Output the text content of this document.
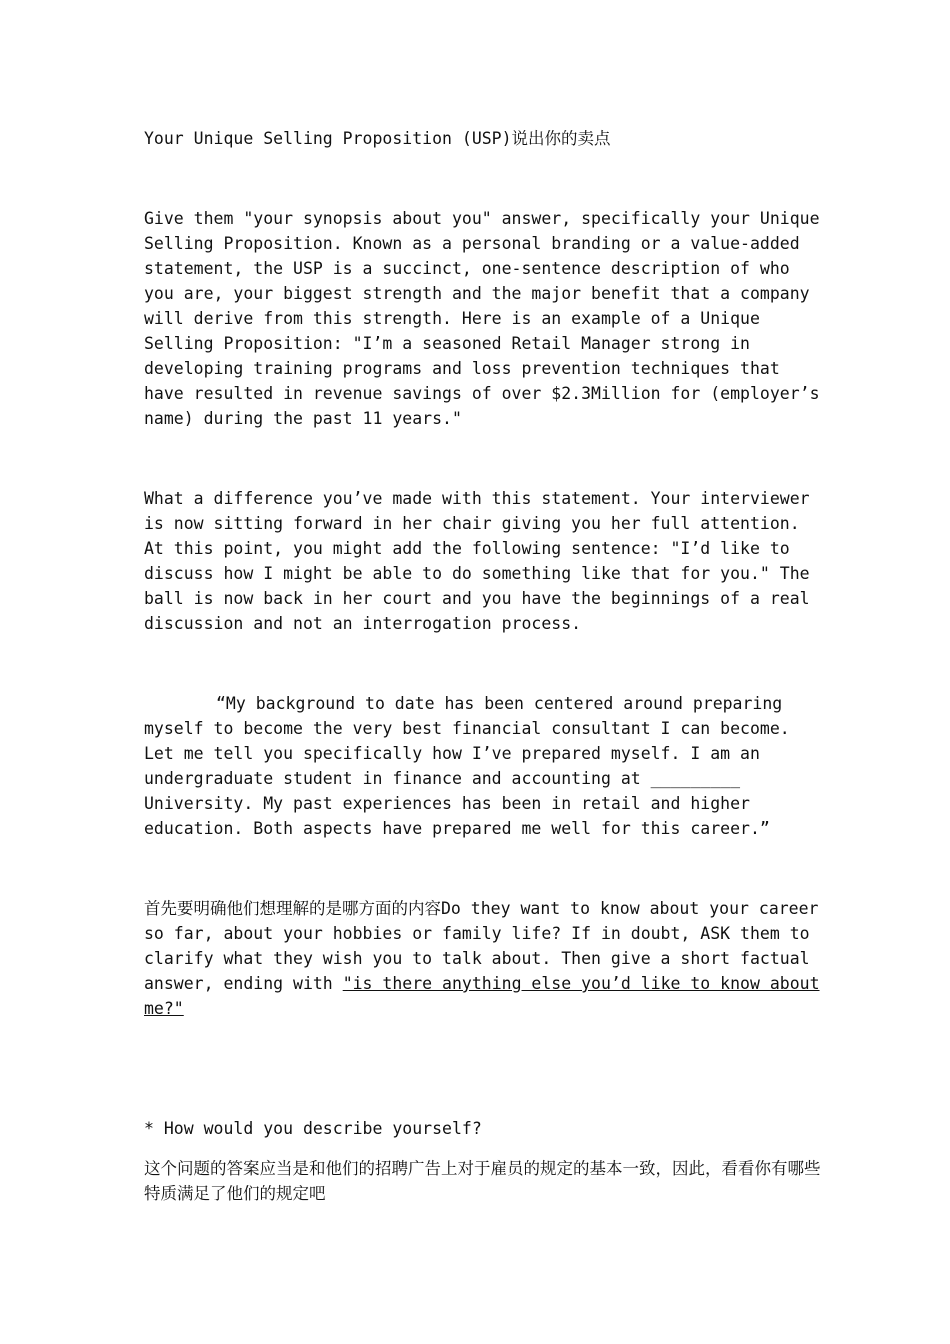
Your Unique Selling Proposition (USP)说出你的卖点

Give them "your synopsis about you" answer, specifically your Unique Selling Proposition. Known as a personal branding or a value-added statement, the USP is a succinct, one-sentence description of who you are, your biggest strength and the major benefit that a company will derive from this strength. Here is an example of a Unique Selling Proposition: "I’m a seasoned Retail Manager strong in developing training programs and loss prevention techniques that have resulted in revenue savings of over $2.3Million for (employer’s name) during the past 11 years."

What a difference you’ve made with this statement. Your interviewer is now sitting forward in her chair giving you her full attention. At this point, you might add the following sentence: "I’d like to discuss how I might be able to do something like that for you." The ball is now back in her court and you have the beginnings of a real discussion and not an interrogation process.

“My background to date has been centered around preparing myself to become the very best financial consultant I can become. Let me tell you specifically how I’ve prepared myself. I am an undergraduate student in finance and accounting at _________ University. My past experiences has been in retail and higher education. Both aspects have prepared me well for this career.”

首先要明确他们想理解的是哪方面的内容Do they want to know about your career so far, about your hobbies or family life? If in doubt, ASK them to clarify what they wish you to talk about. Then give a short factual answer, ending with "is there anything else you’d like to know about me?"

* How would you describe yourself?

这个问题的答案应当是和他们的招聘广告上对于雇员的规定的基本一致，因此，看看你有哪些特质满足了他们的规定吧
